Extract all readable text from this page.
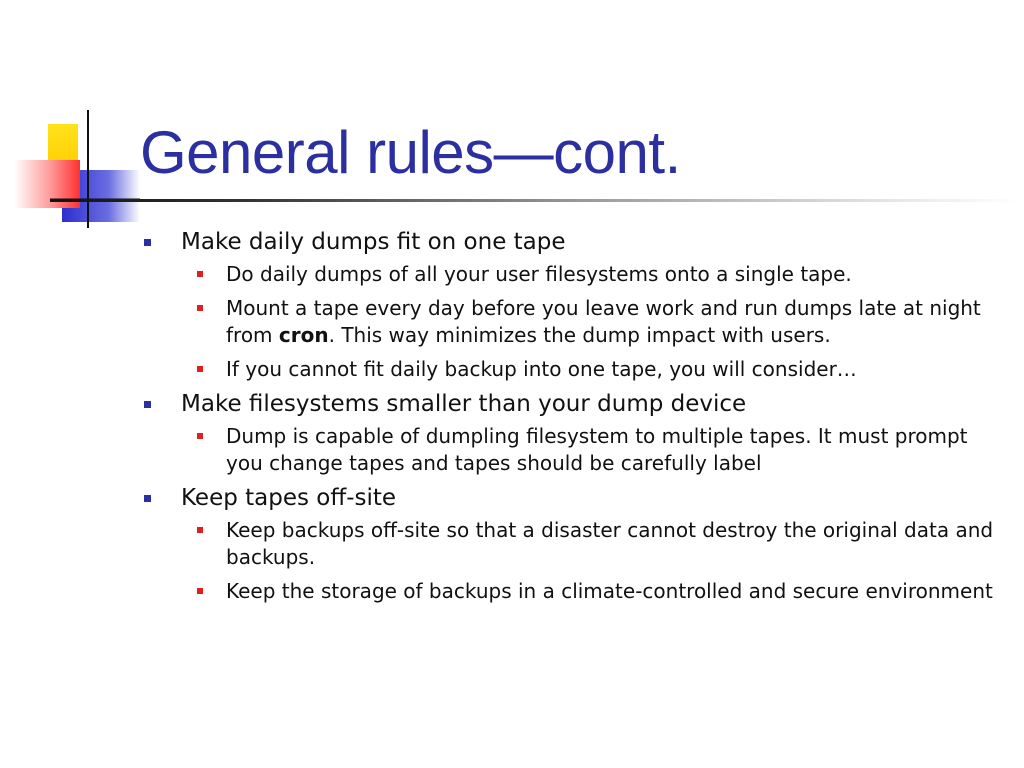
General rules—cont.
Make daily dumps fit on one tape
Do daily dumps of all your user filesystems onto a single tape.
Mount a tape every day before you leave work and run dumps late at night from cron. This way minimizes the dump impact with users.
If you cannot fit daily backup into one tape, you will consider…
Make filesystems smaller than your dump device
Dump is capable of dumpling filesystem to multiple tapes. It must prompt you change tapes and tapes should be carefully label
Keep tapes off-site
Keep backups off-site so that a disaster cannot destroy the original data and backups.
Keep the storage of backups in a climate-controlled and secure environment
